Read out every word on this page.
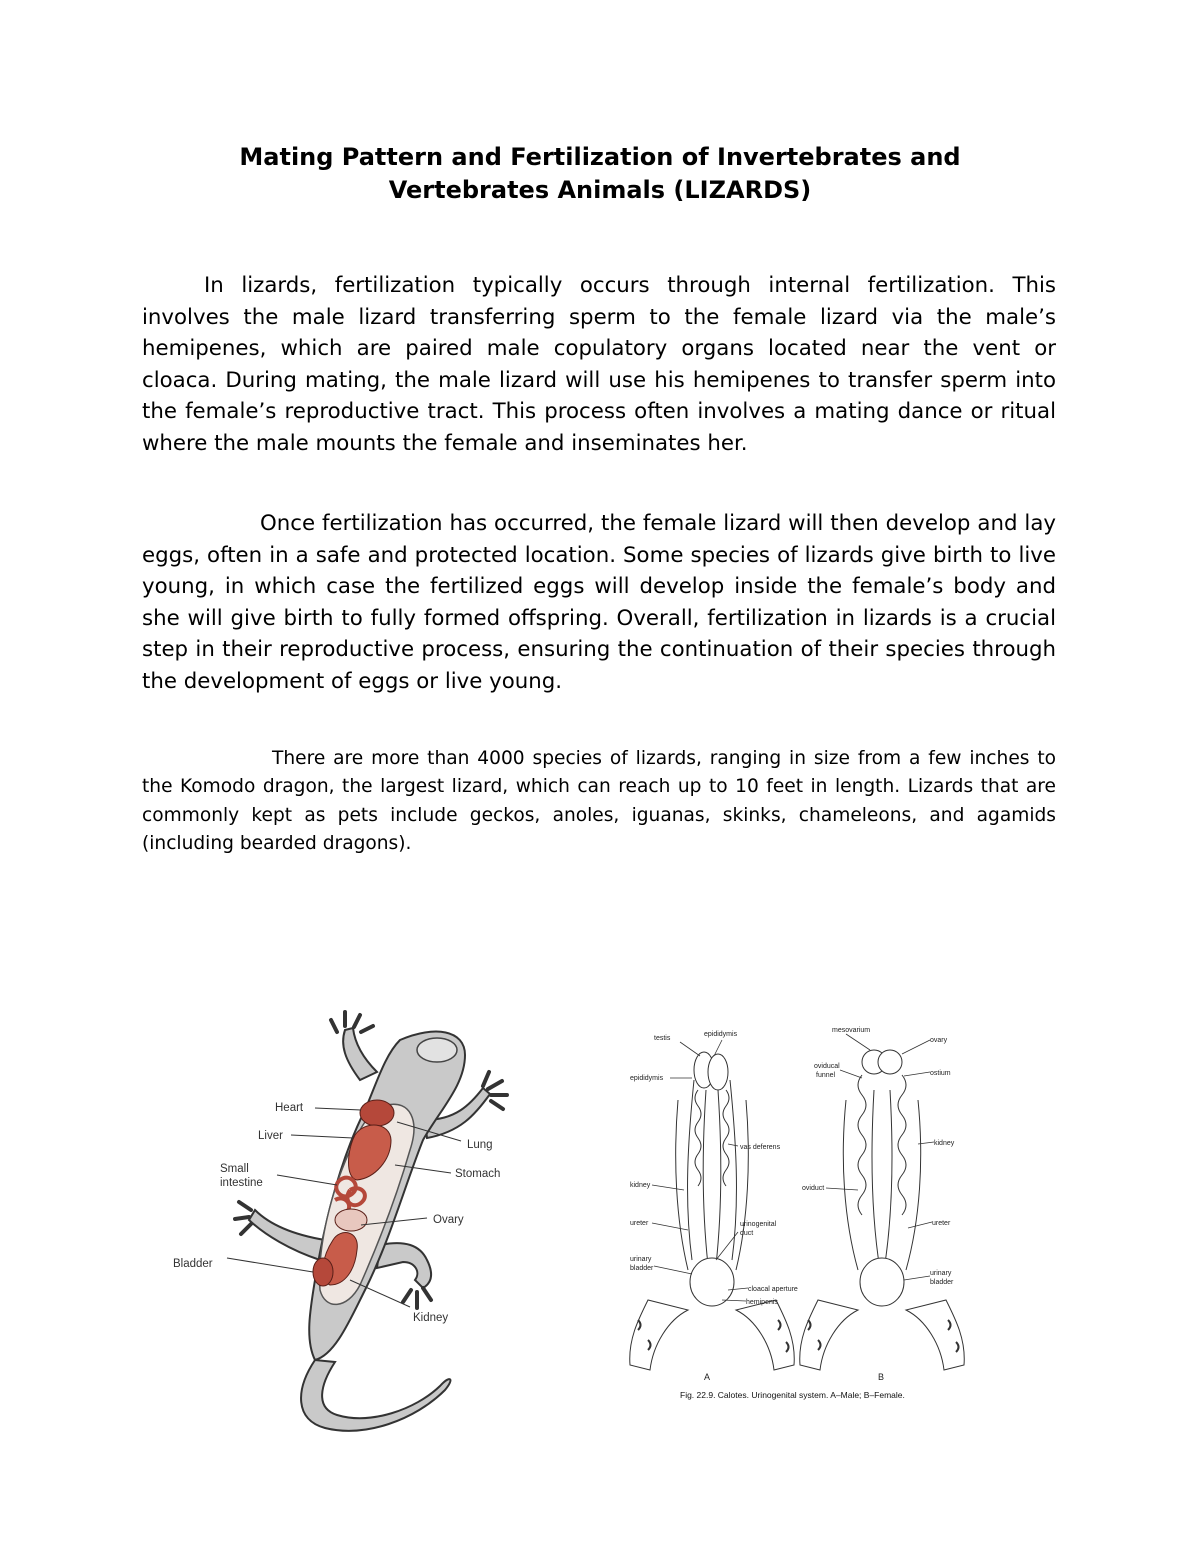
Mating Pattern and Fertilization of Invertebrates and
Vertebrates Animals (LIZARDS)
In lizards, fertilization typically occurs through internal fertilization. This involves the male lizard transferring sperm to the female lizard via the male’s hemipenes, which are paired male copulatory organs located near the vent or cloaca. During mating, the male lizard will use his hemipenes to transfer sperm into the female’s reproductive tract. This process often involves a mating dance or ritual where the male mounts the female and inseminates her.
Once fertilization has occurred, the female lizard will then develop and lay eggs, often in a safe and protected location. Some species of lizards give birth to live young, in which case the fertilized eggs will develop inside the female’s body and she will give birth to fully formed offspring. Overall, fertilization in lizards is a crucial step in their reproductive process, ensuring the continuation of their species through the development of eggs or live young.
There are more than 4000 species of lizards, ranging in size from a few inches to the Komodo dragon, the largest lizard, which can reach up to 10 feet in length. Lizards that are commonly kept as pets include geckos, anoles, iguanas, skinks, chameleons, and agamids (including bearded dragons).
Heart
Liver
Small
intestine
Bladder
Lung
Stomach
Ovary
Kidney
testis
epididymis
epididymis
vas deferens
kidney
ureter
urinary
bladder
urinogenital
duct
cloacal aperture
hemipenis
A
mesovarium
ovary
oviducal
funnel	ostium
kidney
oviduct
ureter
urinary
bladder
B
Fig. 22.9. Calotes. Urinogenital system. A–Male; B–Female.
